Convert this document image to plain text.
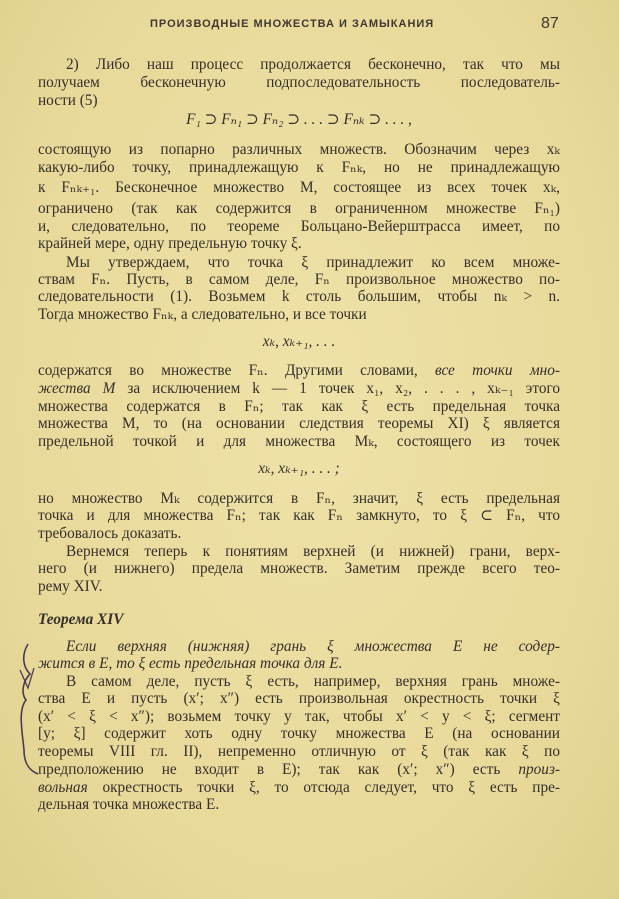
ПРОИЗВОДНЫЕ МНОЖЕСТВА И ЗАМЫКАНИЯ	87
2) Либо наш процесс продолжается бесконечно, так что мы
получаем бесконечную подпоследовательность последователь-
ности (5)
F₁ ⊃ Fₙ₁ ⊃ Fₙ₂ ⊃ . . . ⊃ Fₙₖ ⊃ . . . ,
состоящую из попарно различных множеств. Обозначим через xₖ
какую-либо точку, принадлежащую к Fₙₖ, но не принадлежащую
к Fₙₖ₊₁. Бесконечное множество M, состоящее из всех точек xₖ,
ограничено (так как содержится в ограниченном множестве Fₙ₁)
и, следовательно, по теореме Больцано-Вейерштрасса имеет, по
крайней мере, одну предельную точку ξ.
Мы утверждаем, что точка ξ принадлежит ко всем множе-
ствам Fₙ. Пусть, в самом деле, Fₙ произвольное множество по-
следовательности (1). Возьмем k столь большим, чтобы nₖ > n.
Тогда множество Fₙₖ, а следовательно, и все точки
xₖ, xₖ₊₁, . . .
содержатся во множестве Fₙ. Другими словами, все точки мно-
жества M за исключением k — 1 точек x₁, x₂, . . . , xₖ₋₁ этого
множества содержатся в Fₙ; так как ξ есть предельная точка
множества M, то (на основании следствия теоремы XI) ξ является
предельной точкой и для множества Mₖ, состоящего из точек
xₖ, xₖ₊₁, . . . ;
но множество Mₖ содержится в Fₙ, значит, ξ есть предельная
точка и для множества Fₙ; так как Fₙ замкнуто, то ξ ⊂ Fₙ, что
требовалось доказать.
Вернемся теперь к понятиям верхней (и нижней) грани, верх-
него (и нижнего) предела множеств. Заметим прежде всего тео-
рему XIV.
Теорема XIV
Если верхняя (нижняя) грань ξ множества E не содер-
жится в E, то ξ есть предельная точка для E.
В самом деле, пусть ξ есть, например, верхняя грань множе-
ства E и пусть (x′; x″) есть произвольная окрестность точки ξ
(x′ < ξ < x″); возьмем точку y так, чтобы x′ < y < ξ; сегмент
[y; ξ] содержит хоть одну точку множества E (на основании
теоремы VIII гл. II), непременно отличную от ξ (так как ξ по
предположению не входит в E); так как (x′; x″) есть произ-
вольная окрестность точки ξ, то отсюда следует, что ξ есть пре-
дельная точка множества E.
